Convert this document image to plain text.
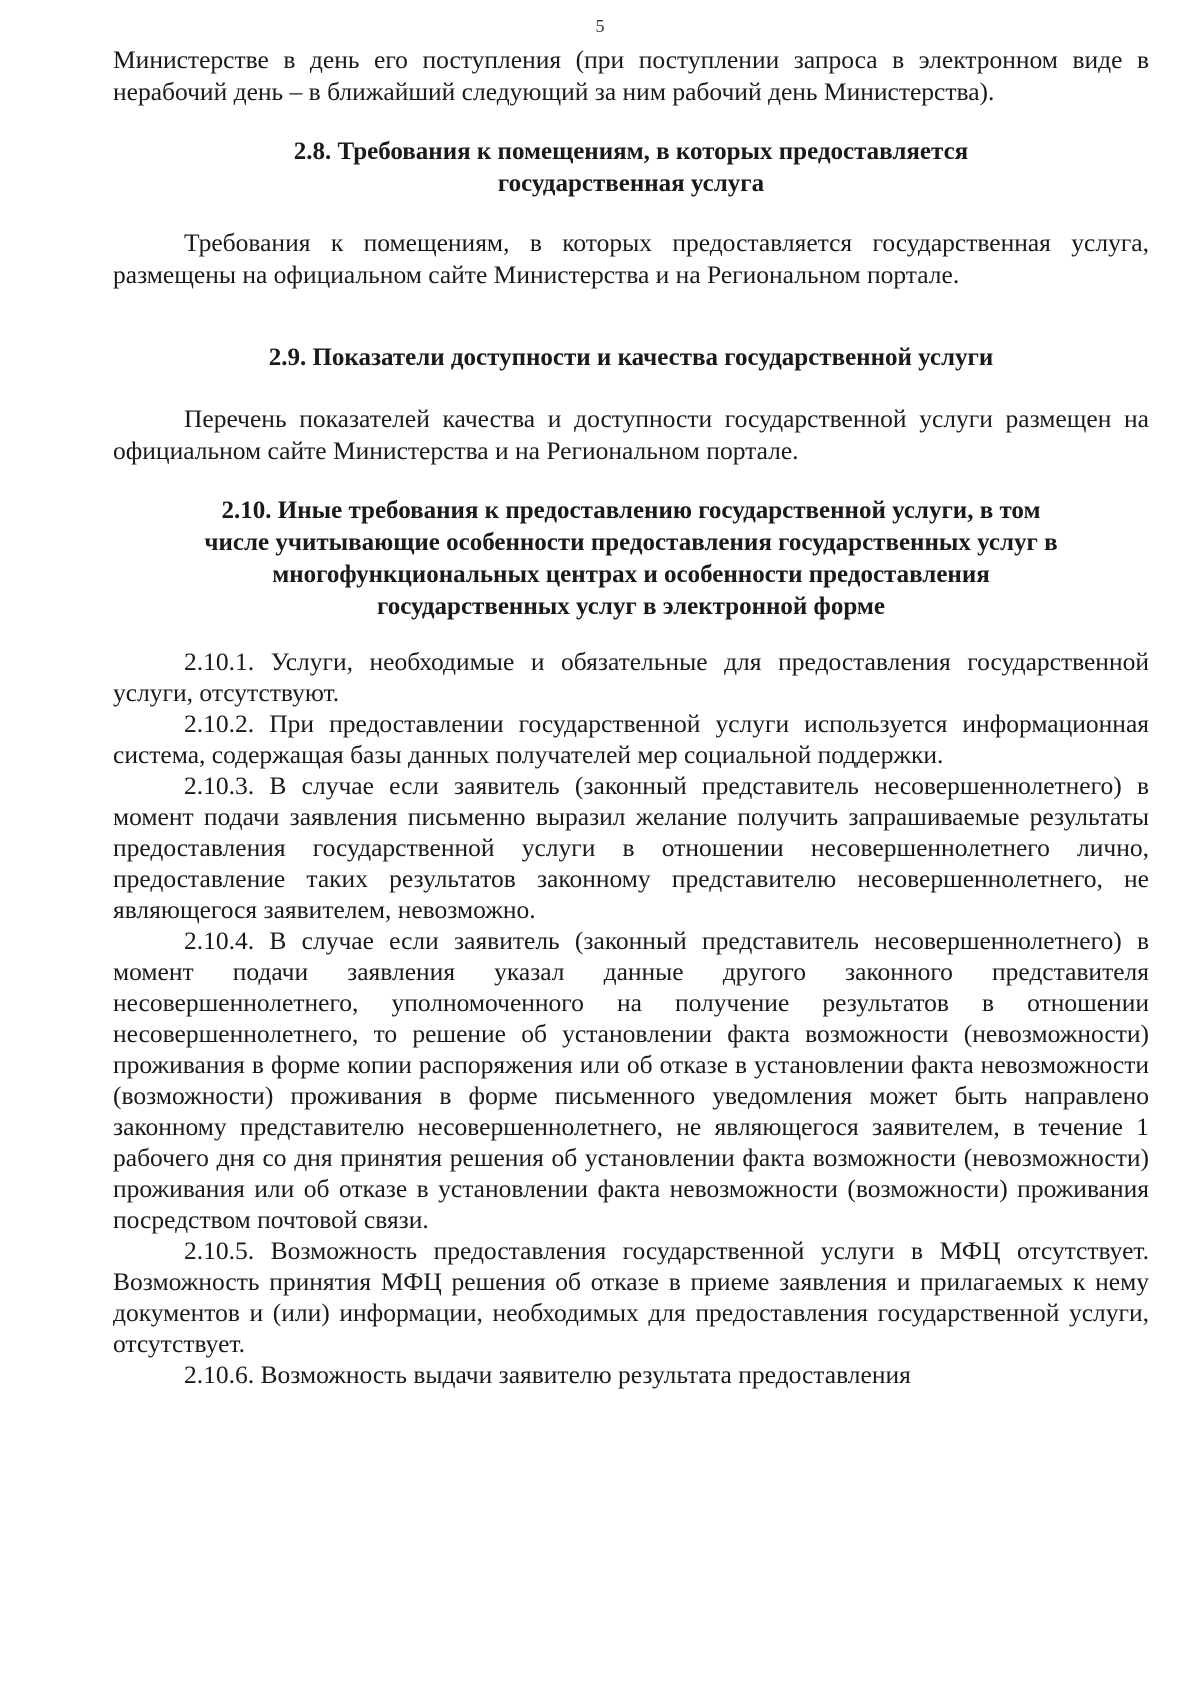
5

Министерстве в день его поступления (при поступлении запроса в электронном виде в нерабочий день – в ближайший следующий за ним рабочий день Министерства).

2.8. Требования к помещениям, в которых предоставляется

государственная услуга

Требования к помещениям, в которых предоставляется государственная услуга, размещены на официальном сайте Министерства и на Региональном портале.

2.9. Показатели доступности и качества государственной услуги

Перечень показателей качества и доступности государственной услуги размещен на официальном сайте Министерства и на Региональном портале.

2.10. Иные требования к предоставлению государственной услуги, в том

числе учитывающие особенности предоставления государственных услуг в

многофункциональных центрах и особенности предоставления

государственных услуг в электронной форме

2.10.1. Услуги, необходимые и обязательные для предоставления государственной услуги, отсутствуют.

2.10.2. При предоставлении государственной услуги используется информационная система, содержащая базы данных получателей мер социальной поддержки.

2.10.3. В случае если заявитель (законный представитель несовершеннолетнего) в момент подачи заявления письменно выразил желание получить запрашиваемые результаты предоставления государственной услуги в отношении несовершеннолетнего лично, предоставление таких результатов законному представителю несовершеннолетнего, не являющегося заявителем, невозможно.

2.10.4. В случае если заявитель (законный представитель несовершеннолетнего) в момент подачи заявления указал данные другого законного представителя несовершеннолетнего, уполномоченного на получение результатов в отношении несовершеннолетнего, то решение об установлении факта возможности (невозможности) проживания в форме копии распоряжения или об отказе в установлении факта невозможности (возможности) проживания в форме письменного уведомления может быть направлено законному представителю несовершеннолетнего, не являющегося заявителем, в течение 1 рабочего дня со дня принятия решения об установлении факта возможности (невозможности) проживания или об отказе в установлении факта невозможности (возможности) проживания посредством почтовой связи.

2.10.5. Возможность предоставления государственной услуги в МФЦ отсутствует. Возможность принятия МФЦ решения об отказе в приеме заявления и прилагаемых к нему документов и (или) информации, необходимых для предоставления государственной услуги, отсутствует.

2.10.6. Возможность выдачи заявителю результата предоставления
